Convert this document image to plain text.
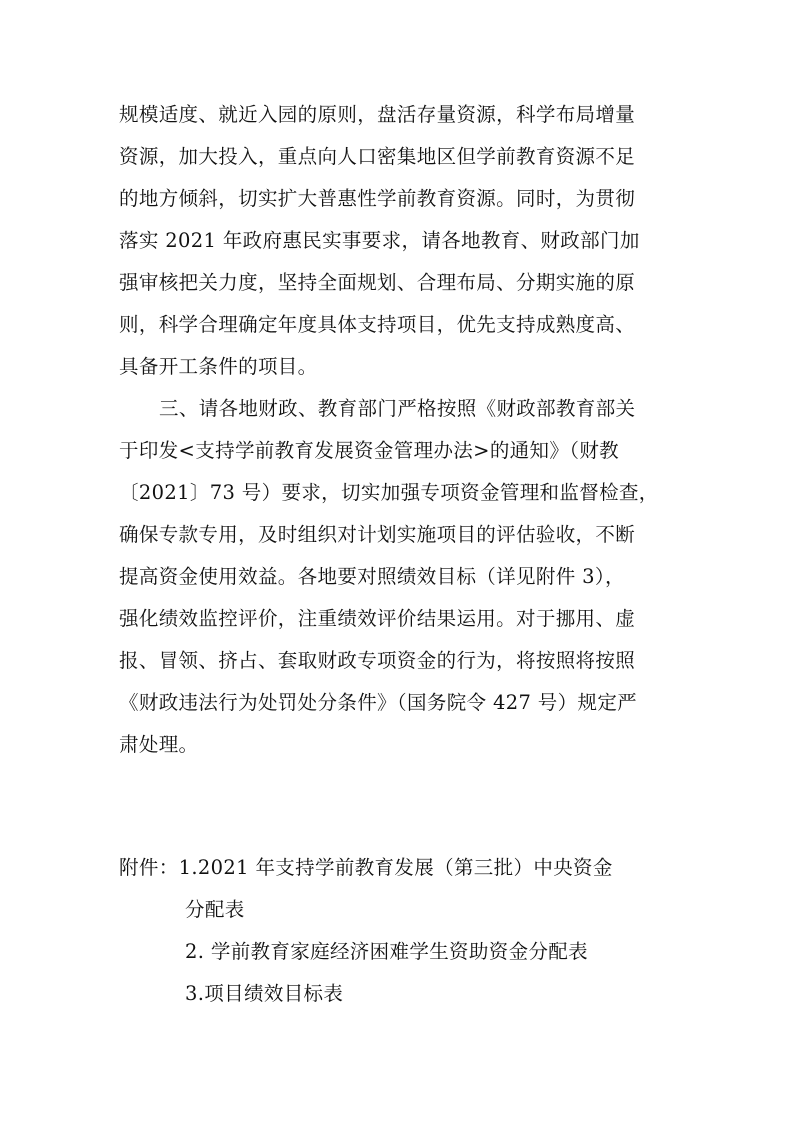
规模适度、就近入园的原则，盘活存量资源，科学布局增量
资源，加大投入，重点向人口密集地区但学前教育资源不足
的地方倾斜，切实扩大普惠性学前教育资源。同时，为贯彻
落实 2021 年政府惠民实事要求，请各地教育、财政部门加
强审核把关力度，坚持全面规划、合理布局、分期实施的原
则，科学合理确定年度具体支持项目，优先支持成熟度高、
具备开工条件的项目。
三、请各地财政、教育部门严格按照《财政部教育部关
于印发<支持学前教育发展资金管理办法>的通知》（财教
〔2021〕73 号）要求，切实加强专项资金管理和监督检查，
确保专款专用，及时组织对计划实施项目的评估验收，不断
提高资金使用效益。各地要对照绩效目标（详见附件 3），
强化绩效监控评价，注重绩效评价结果运用。对于挪用、虚
报、冒领、挤占、套取财政专项资金的行为，将按照将按照
《财政违法行为处罚处分条件》（国务院令 427 号）规定严
肃处理。
附件：1.2021 年支持学前教育发展（第三批）中央资金
分配表
2. 学前教育家庭经济困难学生资助资金分配表
3.项目绩效目标表
